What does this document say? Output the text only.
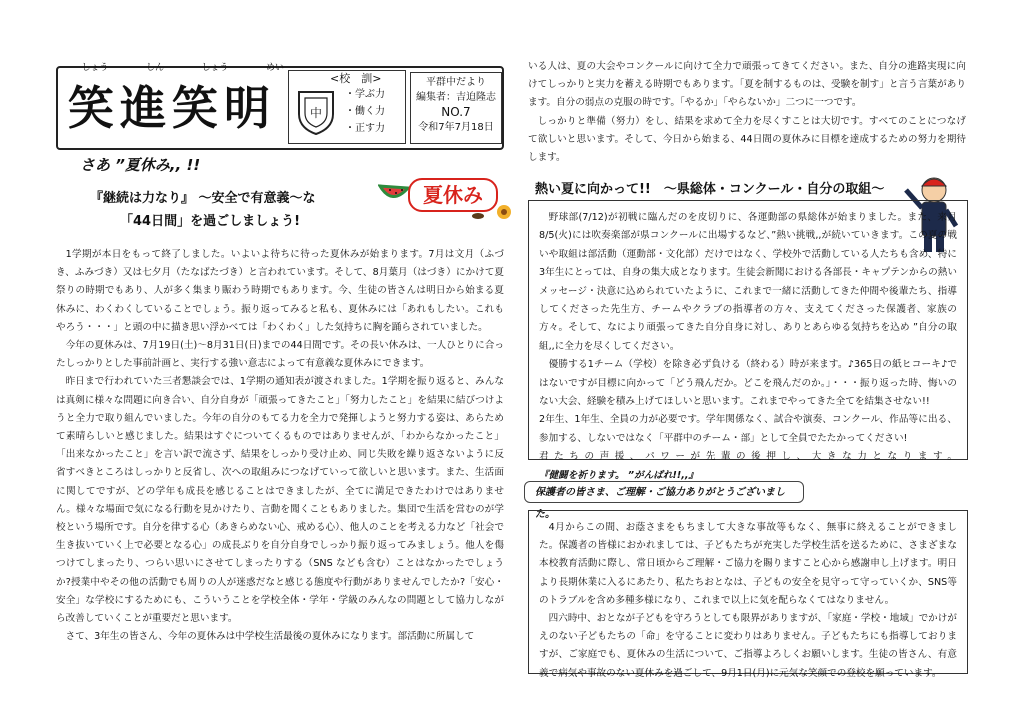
しょう	しん	しょう	めい
笑進笑明
<校　訓>
中
・学ぶ力
・働く力
・正す力
平群中だより
編集者：吉迫隆志
NO.7
令和7年7月18日
さあ ”夏休み,, !!
『継続は力なり』 ～安全で有意義～な
「44日間」を過ごしましょう!
夏休み

1学期が本日をもって終了しました。いよいよ待ちに待った夏休みが始まります。7月は文月（ふづき、ふみづき）又は七夕月（たなばたづき）と言われています。そして、8月葉月（はづき）にかけて夏祭りの時期でもあり、人が多く集まり賑わう時期でもあります。今、生徒の皆さんは明日から始まる夏休みに、わくわくしていることでしょう。振り返ってみると私も、夏休みには「あれもしたい。これもやろう・・・」と頭の中に描き思い浮かべては「わくわく」した気持ちに胸を踊らされていました。

今年の夏休みは、7月19日(土)～8月31日(日)までの44日間です。その長い休みは、一人ひとりに合ったしっかりとした事前計画と、実行する強い意志によって有意義な夏休みにできます。

昨日まで行われていた三者懇談会では、1学期の通知表が渡されました。1学期を振り返ると、みんなは真剣に様々な問題に向き合い、自分自身が「頑張ってきたこと」「努力したこと」を結果に結びつけようと全力で取り組んでいました。今年の自分のもてる力を全力で発揮しようと努力する姿は、あらためて素晴らしいと感じました。結果はすぐについてくるものではありませんが、「わからなかったこと」「出来なかったこと」を言い訳で流さず、結果をしっかり受け止め、同じ失敗を繰り返さないように反省すべきところはしっかりと反省し、次への取組みにつなげていって欲しいと思います。また、生活面に関してですが、どの学年も成長を感じることはできましたが、全てに満足できたわけではありません。様々な場面で気になる行動を見かけたり、言動を聞くこともありました。集団で生活を営むのが学校という場所です。自分を律する心（あきらめない心、戒める心）、他人のことを考える力など「社会で生き抜いていく上で必要となる心」の成長ぶりを自分自身でしっかり振り返ってみましょう。他人を傷つけてしまったり、つらい思いにさせてしまったりする（SNS なども含む）ことはなかったでしょうか?授業中やその他の活動でも周りの人が迷惑だなと感じる態度や行動がありませんでしたか?「安心・安全」な学校にするためにも、こういうことを学校全体・学年・学級のみんなの問題として協力しながら改善していくことが重要だと思います。

さて、3年生の皆さん、今年の夏休みは中学校生活最後の夏休みになります。部活動に所属して

いる人は、夏の大会やコンクールに向けて全力で頑張ってきてください。また、自分の進路実現に向けてしっかりと実力を蓄える時期でもあります。「夏を制するものは、受験を制す」と言う言葉があります。自分の弱点の克服の時です。「やるか」「やらないか」二つに一つです。

しっかりと準備（努力）をし、結果を求めて全力を尽くすことは大切です。すべてのことにつなげて欲しいと思います。そして、今日から始まる、44日間の夏休みに目標を達成するための努力を期待します。

熱い夏に向かって!!　～県総体・コンクール・自分の取組～

野球部(7/12)が初戦に臨んだのを皮切りに、各運動部の県総体が始まりました。また、来月 8/5(火)には吹奏楽部が県コンクールに出場するなど、”熱い挑戦,,が続いていきます。この夏の戦いや取組は部活動（運動部・文化部）だけではなく、学校外で活動している人たちも含め、特に3年生にとっては、自身の集大成となります。生徒会新聞における各部長・キャプテンからの熱いメッセージ・決意に込められていたように、これまで一緒に活動してきた仲間や後輩たち、指導してくださった先生方、チームやクラブの指導者の方々、支えてくださった保護者、家族の方々。そして、なにより頑張ってきた自分自身に対し、ありとあらゆる気持ちを込め ”自分の取組,,に全力を尽くしてください。

優勝する1チーム（学校）を除き必ず負ける（終わる）時が来ます。♪365日の紙ヒコーキ♪ではないですが目標に向かって「どう飛んだか。どこを飛んだのか。」・・・振り返った時、悔いのない大会、経験を積み上げてほしいと思います。これまでやってきた全てを結集させない!!

2年生、1年生、全員の力が必要です。学年関係なく、試合や演奏、コンクール、作品等に出る、参加する、しないではなく「平群中のチーム・部」として全員でたたかってください!

君たちの声援、パワーが先輩の後押し、大きな力となります。『健闘を祈ります。 ”がんばれ!!,,』

保護者の皆さま、ご理解・ご協力ありがとうございました。

4月からこの間、お蔭さまをもちまして大きな事故等もなく、無事に終えることができました。保護者の皆様におかれましては、子どもたちが充実した学校生活を送るために、さまざまな本校教育活動に際し、常日頃からご理解・ご協力を賜りますこと心から感謝申し上げます。明日より長期休業に入るにあたり、私たちおとなは、子どもの安全を見守って守っていくか、SNS等のトラブルを含め多種多様になり、これまで以上に気を配らなくてはなりません。

四六時中、おとなが子どもを守ろうとしても限界がありますが、「家庭・学校・地域」でかけがえのない子どもたちの「命」を守ることに変わりはありません。子どもたちにも指導しておりますが、ご家庭でも、夏休みの生活について、ご指導よろしくお願いします。生徒の皆さん、有意義で病気や事故のない夏休みを過ごして、9月1日(月)に元気な笑顔での登校を願っています。
